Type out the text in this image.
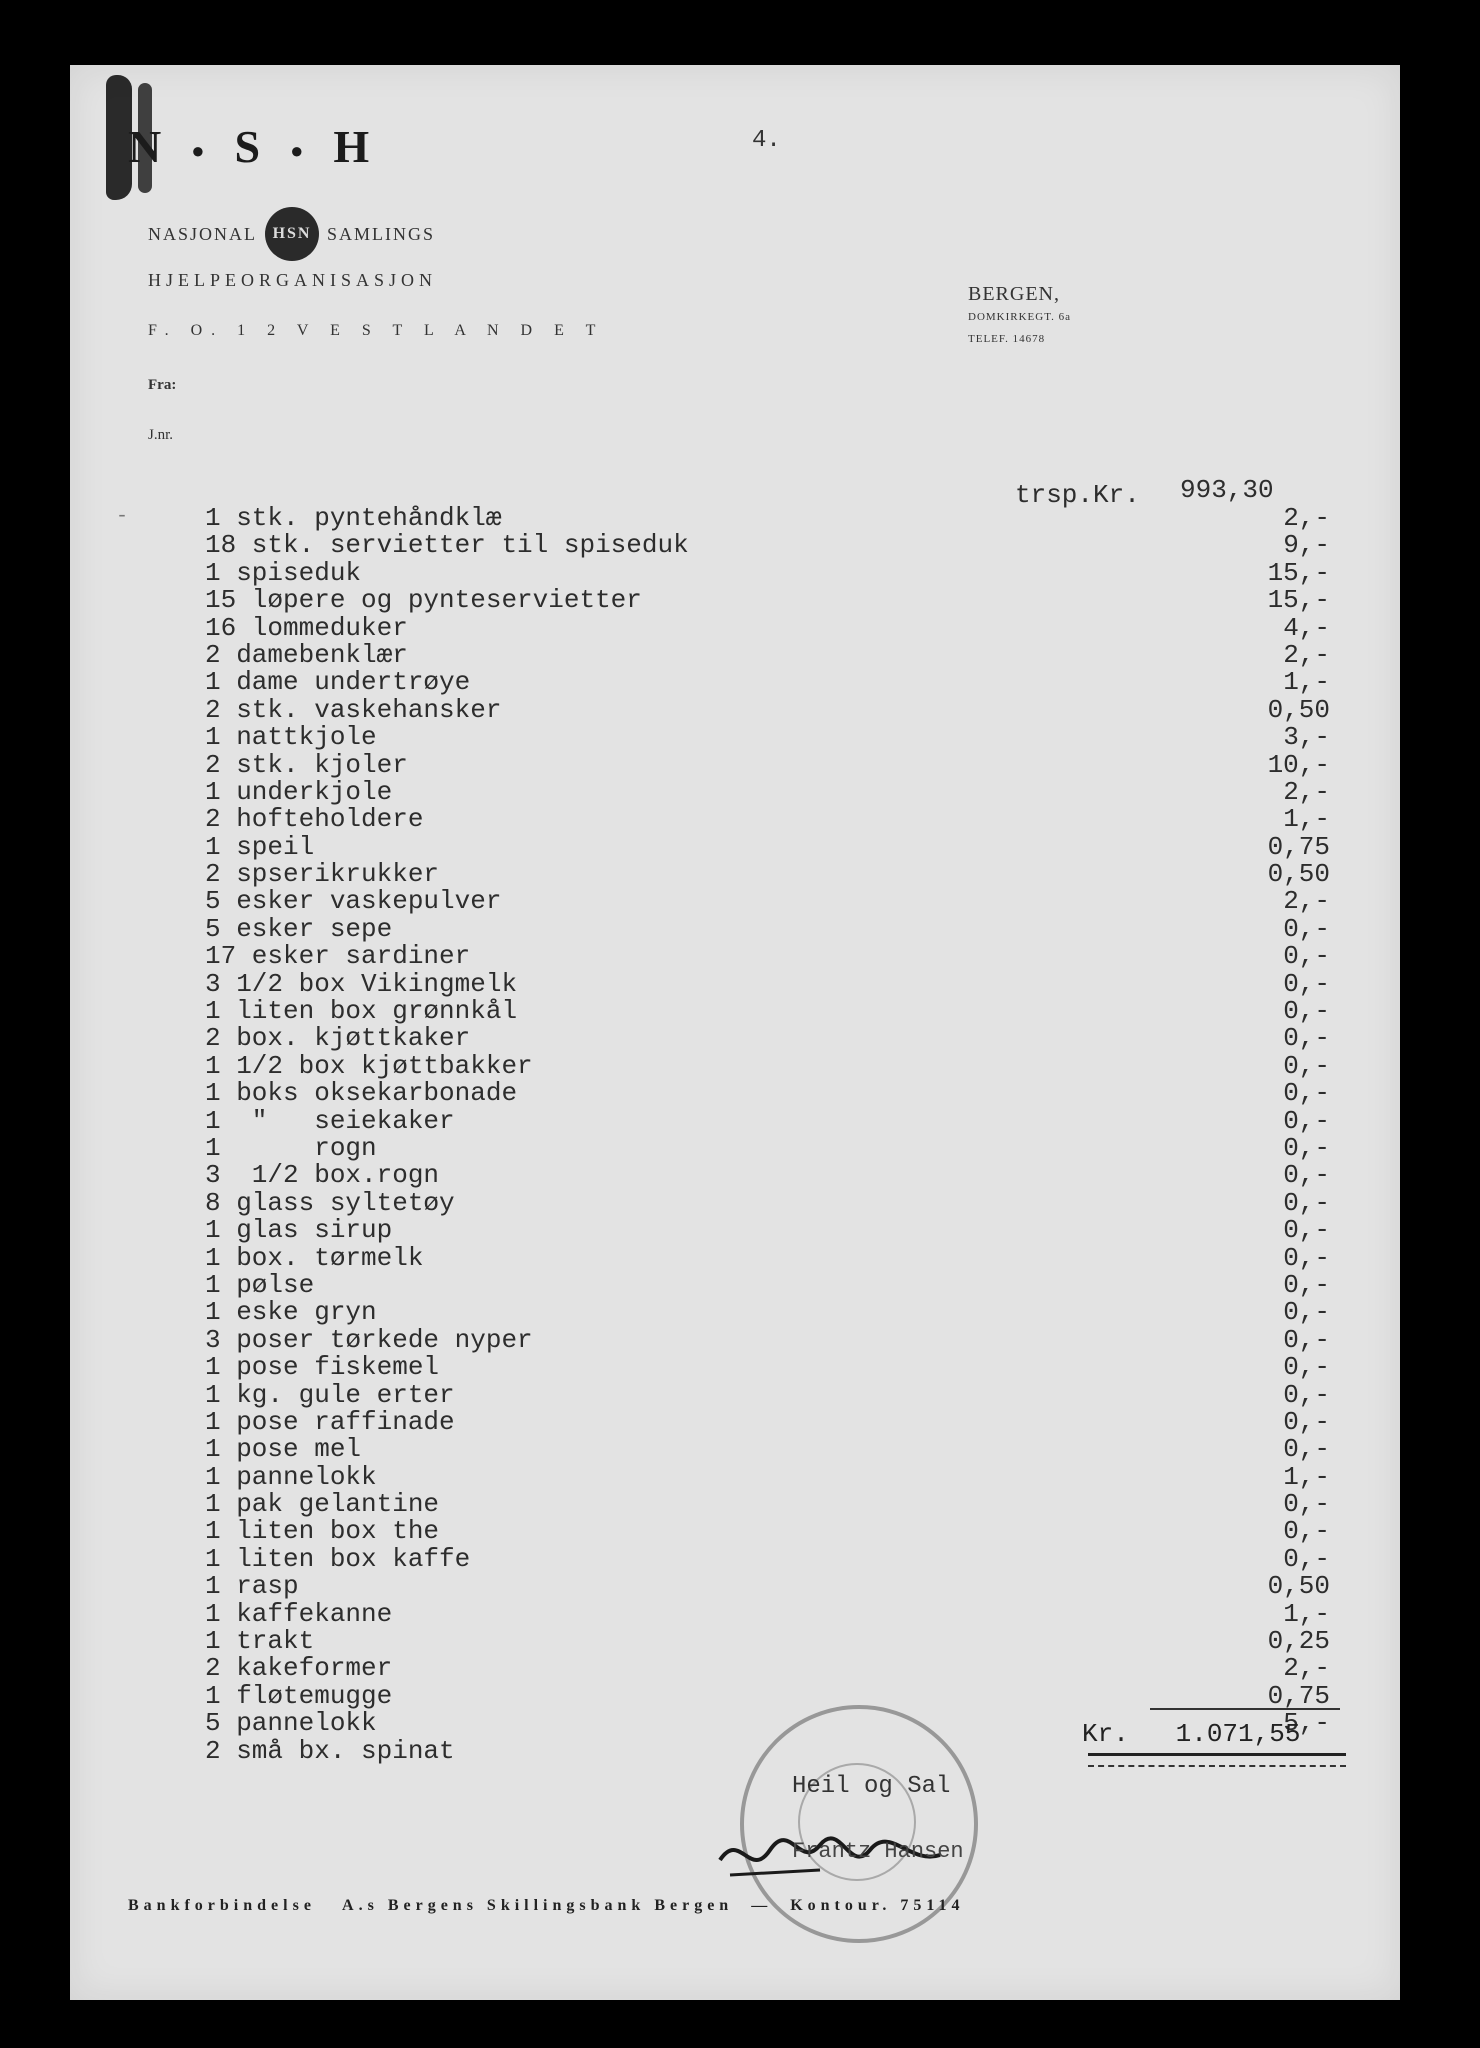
N ● S ● H
NASJONAL HSN SAMLINGS
HJELPEORGANISASJON
F. O. 1 2 V E S T L A N D E T
Fra:
J.nr.
4.
BERGEN,
DOMKIRKEGT. 6a
TELEF. 14678
-
trsp.Kr. 993,30
1 stk. pyntehåndklæ
18 stk. servietter til spiseduk
1 spiseduk
15 løpere og pynteservietter
16 lommeduker
2 damebenklær
1 dame undertrøye
2 stk. vaskehansker
1 nattkjole
2 stk. kjoler
1 underkjole
2 hofteholdere
1 speil
2 spserikrukker
5 esker vaskepulver
5 esker sepe
17 esker sardiner
3 1/2 box Vikingmelk
1 liten box grønnkål
2 box. kjøttkaker
1 1/2 box kjøttbakker
1 boks oksekarbonade
1  "   seiekaker
1      rogn
3  1/2 box.rogn
8 glass syltetøy
1 glas sirup
1 box. tørmelk
1 pølse
1 eske gryn
3 poser tørkede nyper
1 pose fiskemel
1 kg. gule erter
1 pose raffinade
1 pose mel
1 pannelokk
1 pak gelantine
1 liten box the
1 liten box kaffe
1 rasp
1 kaffekanne
1 trakt
2 kakeformer
1 fløtemugge
5 pannelokk
2 små bx. spinat
2,-
9,-
15,-
15,-
4,-
2,-
1,-
0,50
3,-
10,-
2,-
1,-
0,75
0,50
2,-
0,-
0,-
0,-
0,-
0,-
0,-
0,-
0,-
0,-
0,-
0,-
0,-
0,-
0,-
0,-
0,-
0,-
0,-
0,-
0,-
1,-
0,-
0,-
0,-
0,50
1,-
0,25
2,-
0,75
5,-
Kr. 1.071,55
Heil og Sal
Frantz Hansen
Bankforbindelse   A.s Bergens Skillingsbank Bergen  —  Kontour. 75114
